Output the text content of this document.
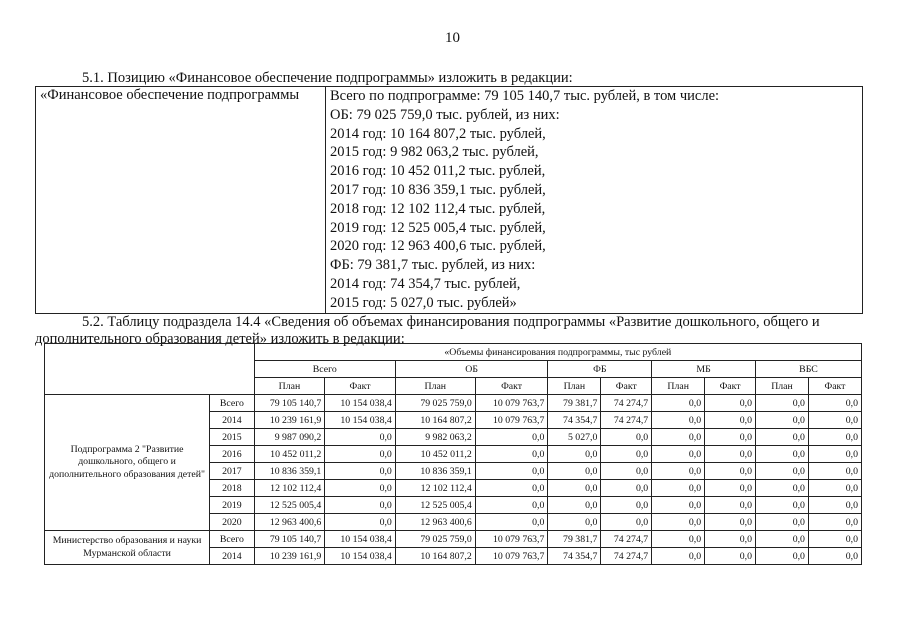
10
5.1. Позицию «Финансовое обеспечение подпрограммы» изложить в редакции:
«Финансовое обеспечение подпрограммы	Всего по подпрограмме: 79 105 140,7 тыс. рублей, в том числе:
ОБ: 79 025 759,0 тыс. рублей, из них:
2014 год: 10 164 807,2 тыс. рублей,
2015 год: 9 982 063,2 тыс. рублей,
2016 год: 10 452 011,2 тыс. рублей,
2017 год: 10 836 359,1 тыс. рублей,
2018 год: 12 102 112,4 тыс. рублей,
2019 год: 12 525 005,4 тыс. рублей,
2020 год: 12 963 400,6 тыс. рублей,
ФБ: 79 381,7 тыс. рублей, из них:
2014 год: 74 354,7 тыс. рублей,
2015 год: 5 027,0 тыс. рублей»
5.2. Таблицу подраздела 14.4 «Сведения об объемах финансирования подпрограммы «Развитие дошкольного, общего и дополнительного образования детей» изложить в редакции:
		«Объемы финансирования подпрограммы, тыс рублей									
		Всего		ОБ		ФБ		МБ		ВБС	
		План	Факт	План	Факт	План	Факт	План	Факт	План	Факт
Подпрограмма 2 "Развитие дошкольного, общего и дополнительного образования детей"	Всего	79 105 140,7	10 154 038,4	79 025 759,0	10 079 763,7	79 381,7	74 274,7	0,0	0,0	0,0	0,0
	2014	10 239 161,9	10 154 038,4	10 164 807,2	10 079 763,7	74 354,7	74 274,7	0,0	0,0	0,0	0,0
	2015	9 987 090,2	0,0	9 982 063,2	0,0	5 027,0	0,0	0,0	0,0	0,0	0,0
	2016	10 452 011,2	0,0	10 452 011,2	0,0	0,0	0,0	0,0	0,0	0,0	0,0
	2017	10 836 359,1	0,0	10 836 359,1	0,0	0,0	0,0	0,0	0,0	0,0	0,0
	2018	12 102 112,4	0,0	12 102 112,4	0,0	0,0	0,0	0,0	0,0	0,0	0,0
	2019	12 525 005,4	0,0	12 525 005,4	0,0	0,0	0,0	0,0	0,0	0,0	0,0
	2020	12 963 400,6	0,0	12 963 400,6	0,0	0,0	0,0	0,0	0,0	0,0	0,0
Министерство образования и науки Мурманской области	Всего	79 105 140,7	10 154 038,4	79 025 759,0	10 079 763,7	79 381,7	74 274,7	0,0	0,0	0,0	0,0
	2014	10 239 161,9	10 154 038,4	10 164 807,2	10 079 763,7	74 354,7	74 274,7	0,0	0,0	0,0	0,0
